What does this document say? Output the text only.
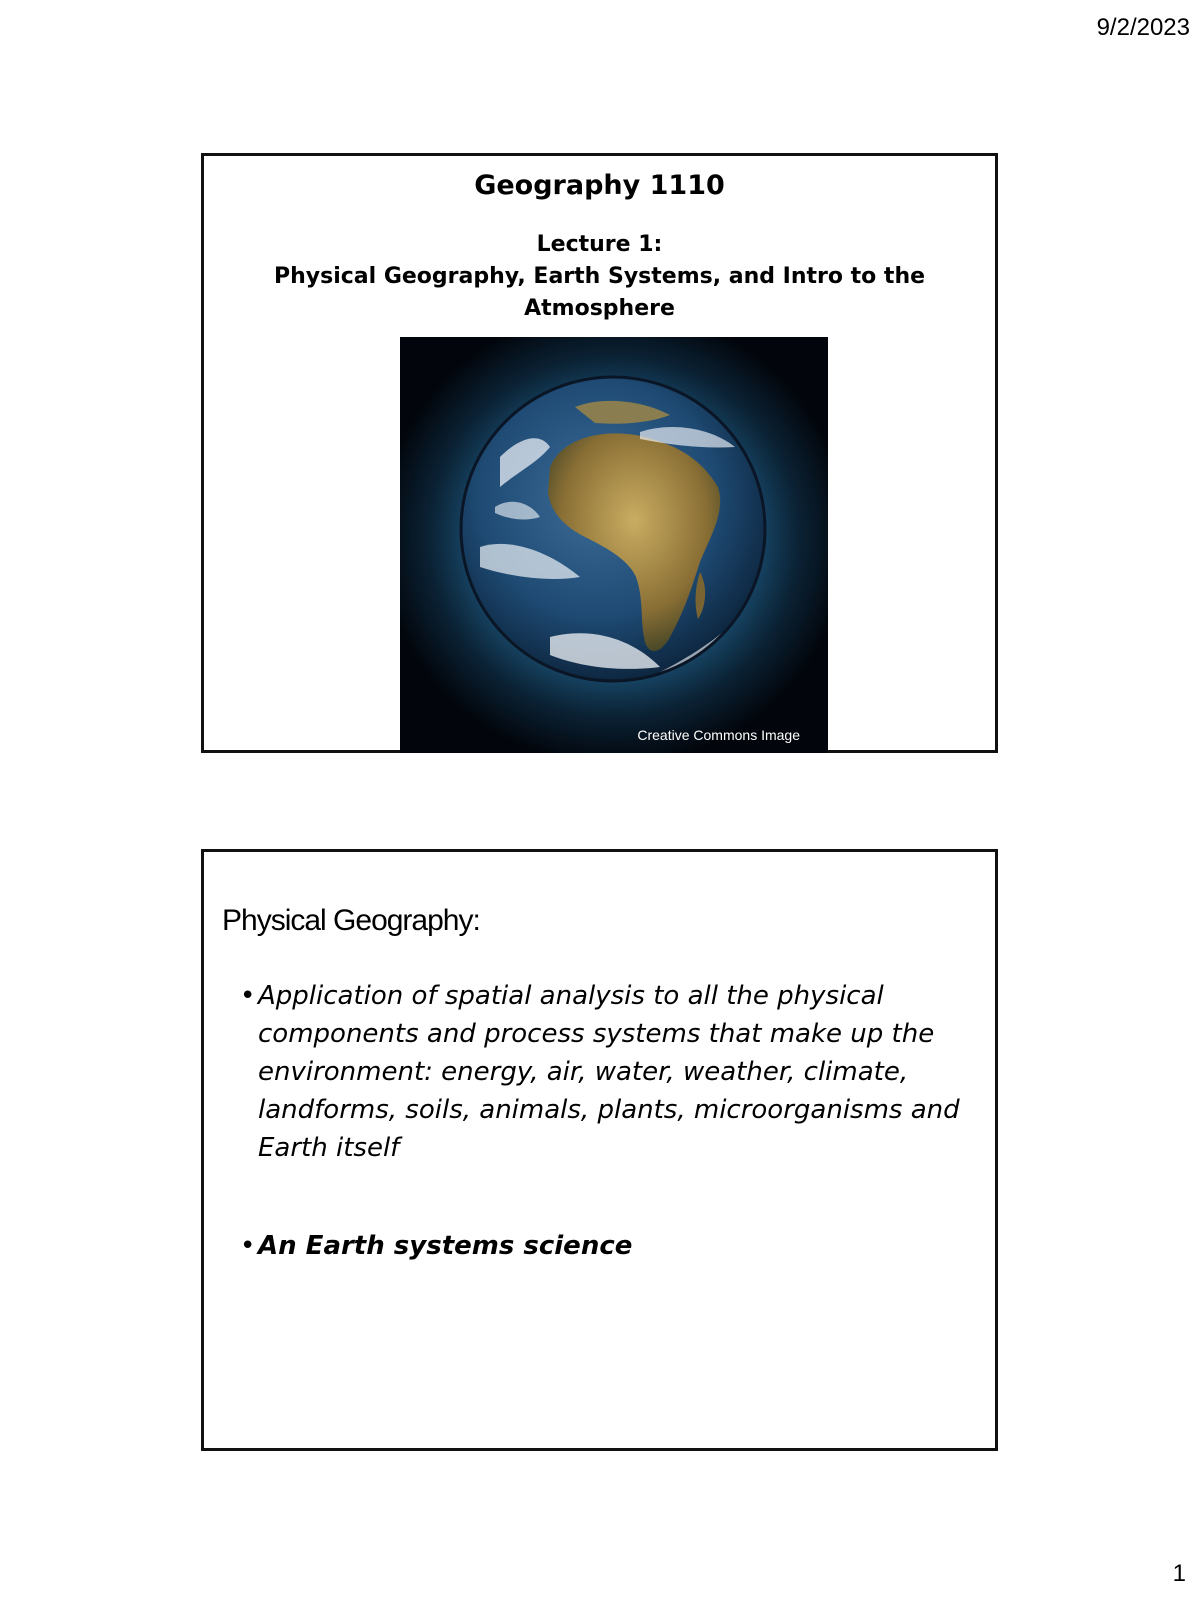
9/2/2023
Geography 1110
Lecture 1:
Physical Geography, Earth Systems, and Intro to the
Atmosphere
Creative Commons Image
Physical Geography:
• Application of spatial analysis to all the physical components and process systems that make up the environment: energy, air, water, weather, climate, landforms, soils, animals, plants, microorganisms and Earth itself
• An Earth systems science
1
